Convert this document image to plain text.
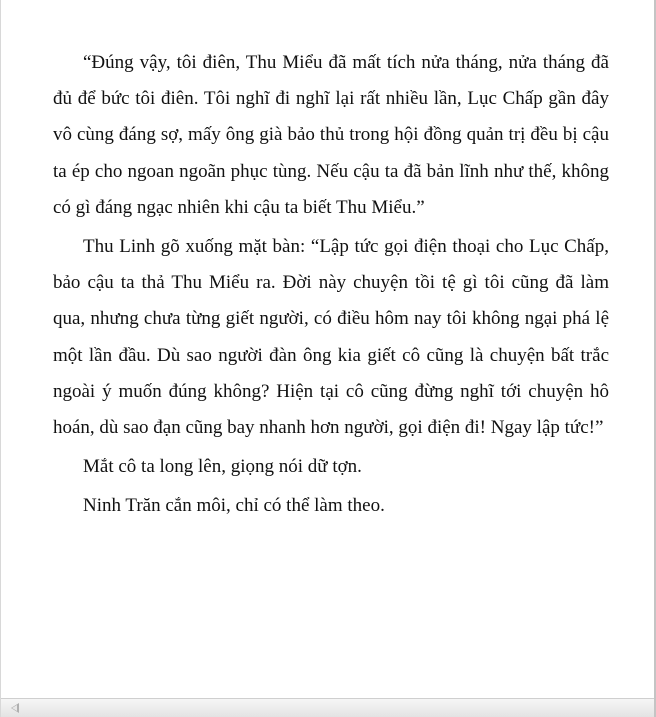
“Đúng vậy, tôi điên, Thu Miểu đã mất tích nửa tháng, nửa tháng đã đủ để bức tôi điên. Tôi nghĩ đi nghĩ lại rất nhiều lần, Lục Chấp gần đây vô cùng đáng sợ, mấy ông già bảo thủ trong hội đồng quản trị đều bị cậu ta ép cho ngoan ngoãn phục tùng. Nếu cậu ta đã bản lĩnh như thế, không có gì đáng ngạc nhiên khi cậu ta biết Thu Miểu.”

Thu Linh gõ xuống mặt bàn: “Lập tức gọi điện thoại cho Lục Chấp, bảo cậu ta thả Thu Miểu ra. Đời này chuyện tồi tệ gì tôi cũng đã làm qua, nhưng chưa từng giết người, có điều hôm nay tôi không ngại phá lệ một lần đầu. Dù sao người đàn ông kia giết cô cũng là chuyện bất trắc ngoài ý muốn đúng không? Hiện tại cô cũng đừng nghĩ tới chuyện hô hoán, dù sao đạn cũng bay nhanh hơn người, gọi điện đi! Ngay lập tức!”

Mắt cô ta long lên, giọng nói dữ tợn.

Ninh Trăn cắn môi, chỉ có thể làm theo.
